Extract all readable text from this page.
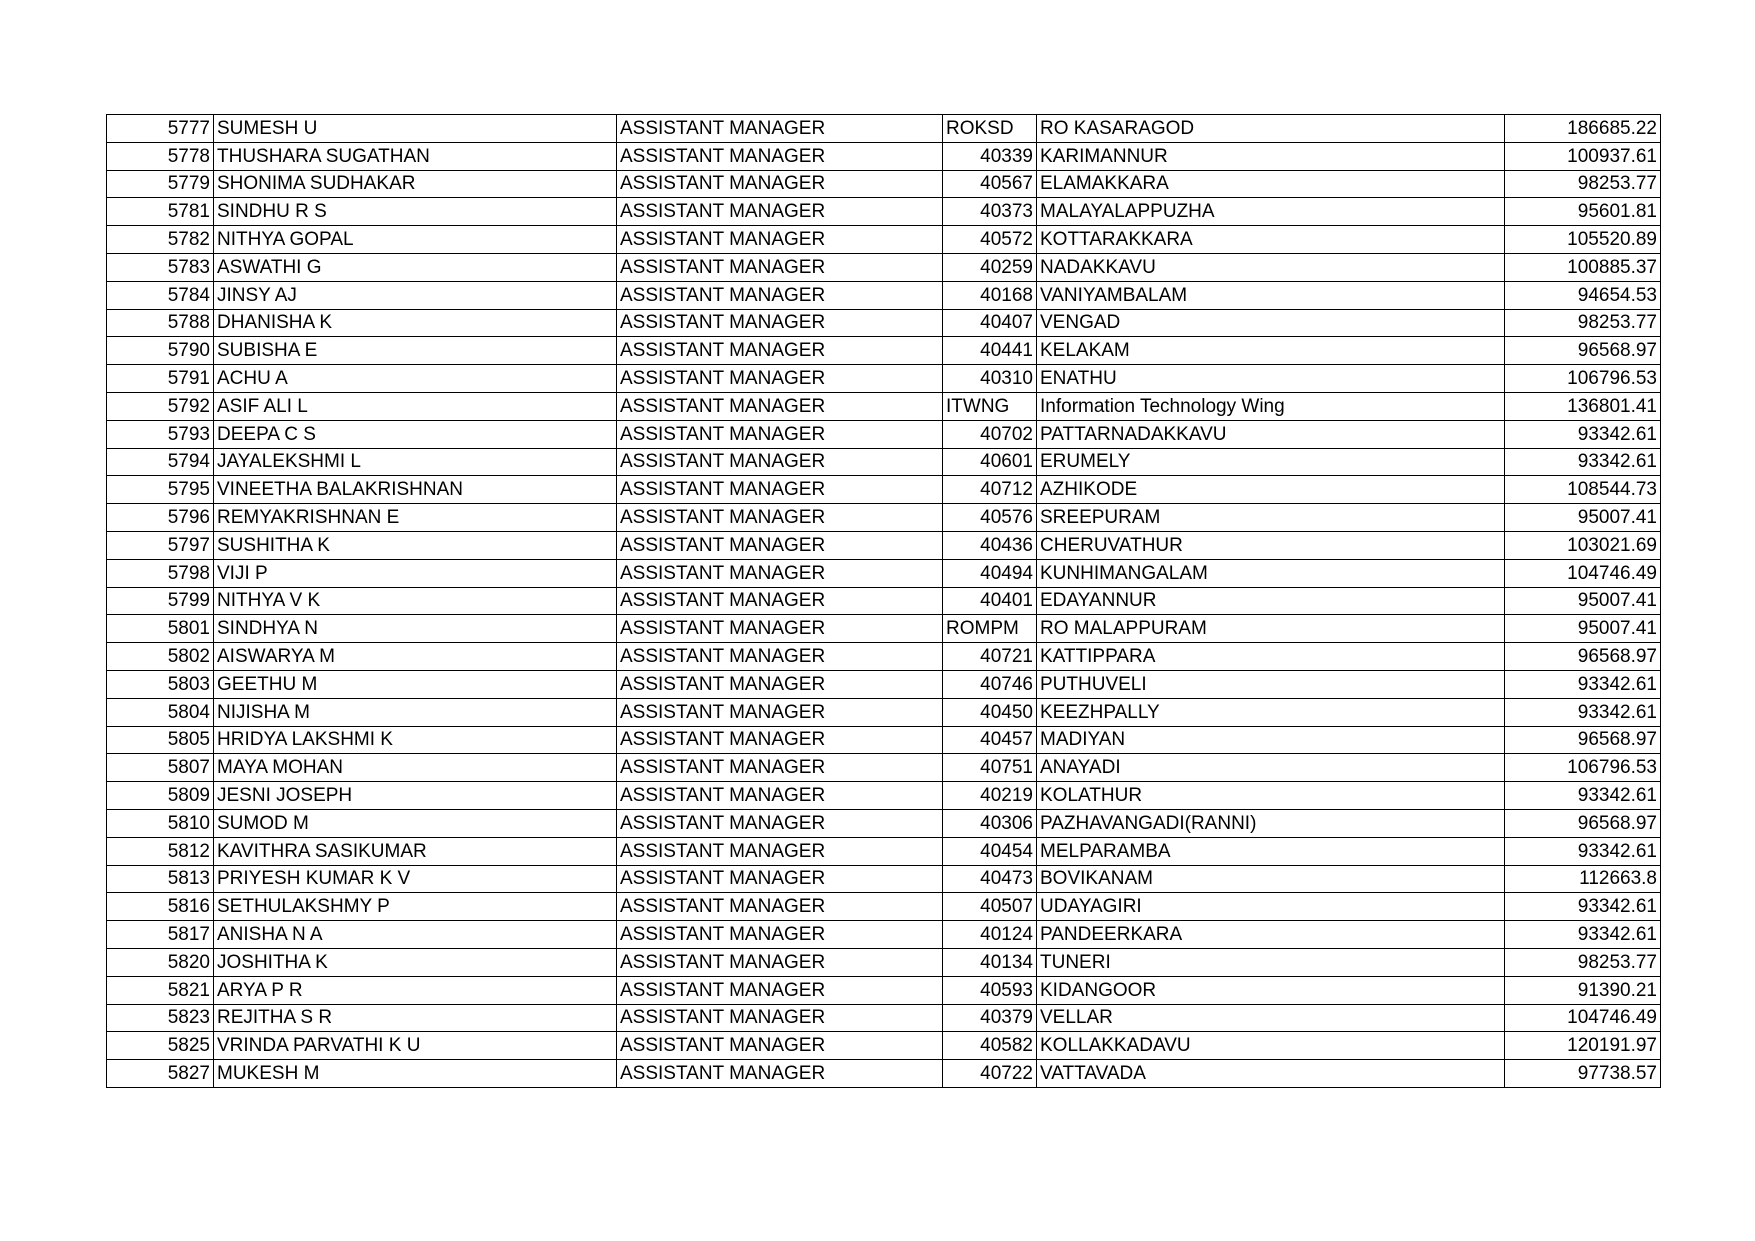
5777	SUMESH U	ASSISTANT MANAGER	ROKSD	RO KASARAGOD	186685.22
5778	THUSHARA SUGATHAN	ASSISTANT MANAGER	40339	KARIMANNUR	100937.61
5779	SHONIMA SUDHAKAR	ASSISTANT MANAGER	40567	ELAMAKKARA	98253.77
5781	SINDHU R S	ASSISTANT MANAGER	40373	MALAYALAPPUZHA	95601.81
5782	NITHYA GOPAL	ASSISTANT MANAGER	40572	KOTTARAKKARA	105520.89
5783	ASWATHI G	ASSISTANT MANAGER	40259	NADAKKAVU	100885.37
5784	JINSY AJ	ASSISTANT MANAGER	40168	VANIYAMBALAM	94654.53
5788	DHANISHA K	ASSISTANT MANAGER	40407	VENGAD	98253.77
5790	SUBISHA E	ASSISTANT MANAGER	40441	KELAKAM	96568.97
5791	ACHU A	ASSISTANT MANAGER	40310	ENATHU	106796.53
5792	ASIF ALI L	ASSISTANT MANAGER	ITWNG	Information Technology Wing	136801.41
5793	DEEPA C S	ASSISTANT MANAGER	40702	PATTARNADAKKAVU	93342.61
5794	JAYALEKSHMI L	ASSISTANT MANAGER	40601	ERUMELY	93342.61
5795	VINEETHA BALAKRISHNAN	ASSISTANT MANAGER	40712	AZHIKODE	108544.73
5796	REMYAKRISHNAN E	ASSISTANT MANAGER	40576	SREEPURAM	95007.41
5797	SUSHITHA K	ASSISTANT MANAGER	40436	CHERUVATHUR	103021.69
5798	VIJI P	ASSISTANT MANAGER	40494	KUNHIMANGALAM	104746.49
5799	NITHYA V K	ASSISTANT MANAGER	40401	EDAYANNUR	95007.41
5801	SINDHYA N	ASSISTANT MANAGER	ROMPM	RO MALAPPURAM	95007.41
5802	AISWARYA M	ASSISTANT MANAGER	40721	KATTIPPARA	96568.97
5803	GEETHU M	ASSISTANT MANAGER	40746	PUTHUVELI	93342.61
5804	NIJISHA M	ASSISTANT MANAGER	40450	KEEZHPALLY	93342.61
5805	HRIDYA LAKSHMI K	ASSISTANT MANAGER	40457	MADIYAN	96568.97
5807	MAYA MOHAN	ASSISTANT MANAGER	40751	ANAYADI	106796.53
5809	JESNI JOSEPH	ASSISTANT MANAGER	40219	KOLATHUR	93342.61
5810	SUMOD M	ASSISTANT MANAGER	40306	PAZHAVANGADI(RANNI)	96568.97
5812	KAVITHRA SASIKUMAR	ASSISTANT MANAGER	40454	MELPARAMBA	93342.61
5813	PRIYESH KUMAR K V	ASSISTANT MANAGER	40473	BOVIKANAM	112663.8
5816	SETHULAKSHMY P	ASSISTANT MANAGER	40507	UDAYAGIRI	93342.61
5817	ANISHA N A	ASSISTANT MANAGER	40124	PANDEERKARA	93342.61
5820	JOSHITHA K	ASSISTANT MANAGER	40134	TUNERI	98253.77
5821	ARYA P R	ASSISTANT MANAGER	40593	KIDANGOOR	91390.21
5823	REJITHA S R	ASSISTANT MANAGER	40379	VELLAR	104746.49
5825	VRINDA PARVATHI K U	ASSISTANT MANAGER	40582	KOLLAKKADAVU	120191.97
5827	MUKESH M	ASSISTANT MANAGER	40722	VATTAVADA	97738.57
